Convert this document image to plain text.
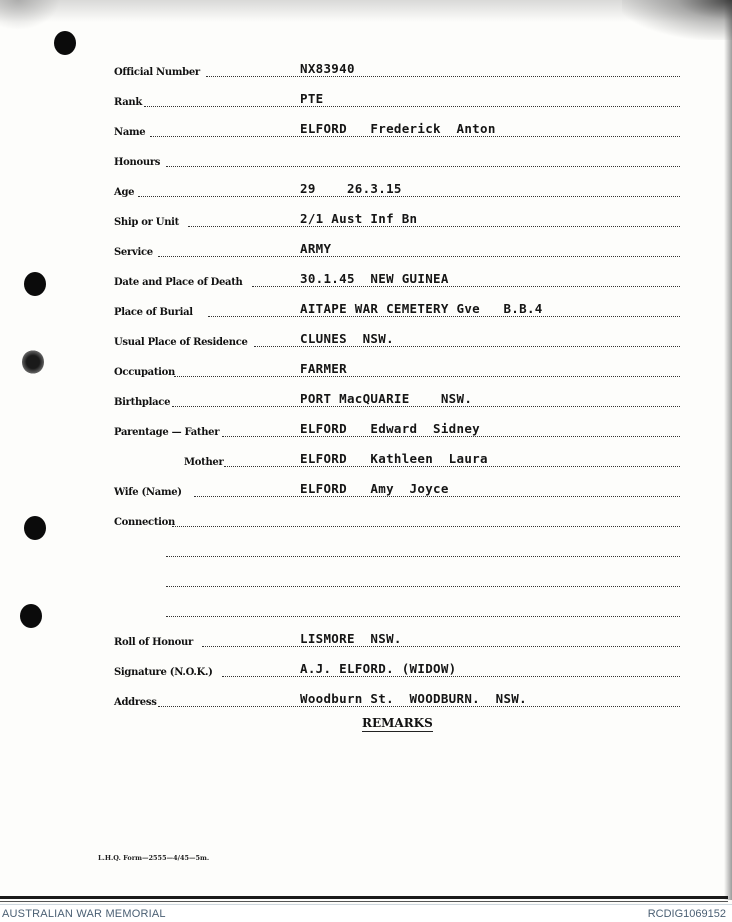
Official Number	NX83940
Rank	PTE
Name	ELFORD   Frederick  Anton
Honours
Age	29    26.3.15
Ship or Unit	2/1 Aust Inf Bn
Service	ARMY
Date and Place of Death	30.1.45  NEW GUINEA
Place of Burial	AITAPE WAR CEMETERY Gve   B.B.4
Usual Place of Residence	CLUNES  NSW.
Occupation	FARMER
Birthplace	PORT MacQUARIE    NSW.
Parentage — Father	ELFORD   Edward  Sidney
Mother	ELFORD   Kathleen  Laura
Wife (Name)	ELFORD   Amy  Joyce
Connection
Roll of Honour	LISMORE  NSW.
Signature (N.O.K.)	A.J. ELFORD. (WIDOW)
Address	Woodburn St.  WOODBURN.  NSW.
REMARKS
L.H.Q. Form—2555—4/45—5m.
AUSTRALIAN WAR MEMORIAL	RCDIG1069152
